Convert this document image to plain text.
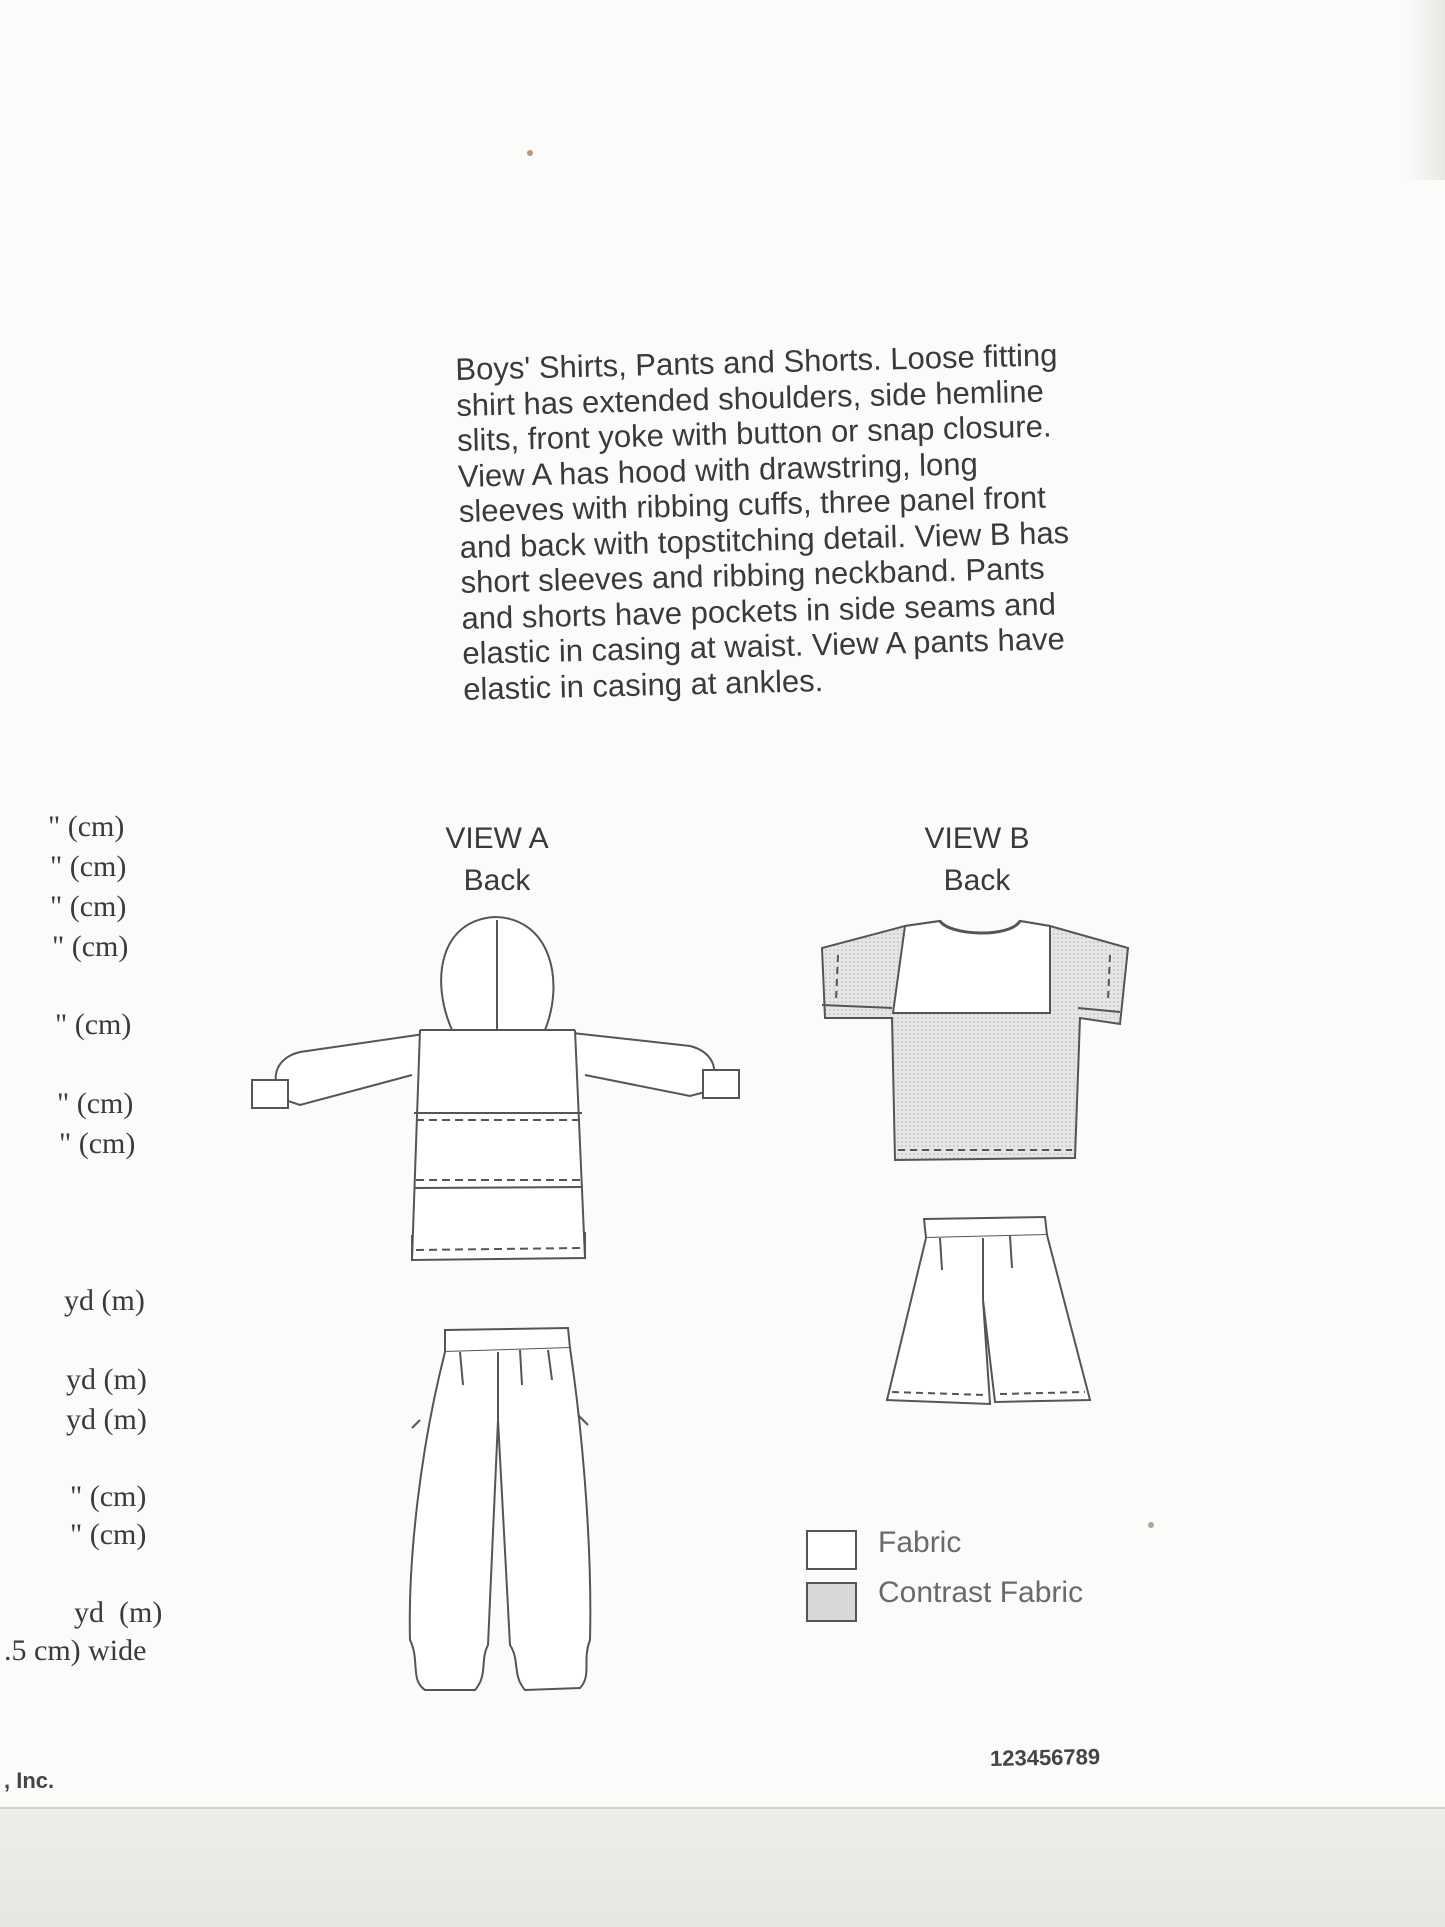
Boys' Shirts, Pants and Shorts. Loose fitting
shirt has extended shoulders, side hemline
slits, front yoke with button or snap closure.
View A has hood with drawstring, long
sleeves with ribbing cuffs, three panel front
and back with topstitching detail. View B has
short sleeves and ribbing neckband. Pants
and shorts have pockets in side seams and
elastic in casing at waist. View A pants have
elastic in casing at ankles.
" (cm)
" (cm)
" (cm)
" (cm)
" (cm)
" (cm)
" (cm)
yd (m)
yd (m)
yd (m)
" (cm)
" (cm)
yd  (m)
.5 cm) wide
VIEW A
Back
VIEW B
Back
Fabric
Contrast Fabric
123456789
, Inc.
